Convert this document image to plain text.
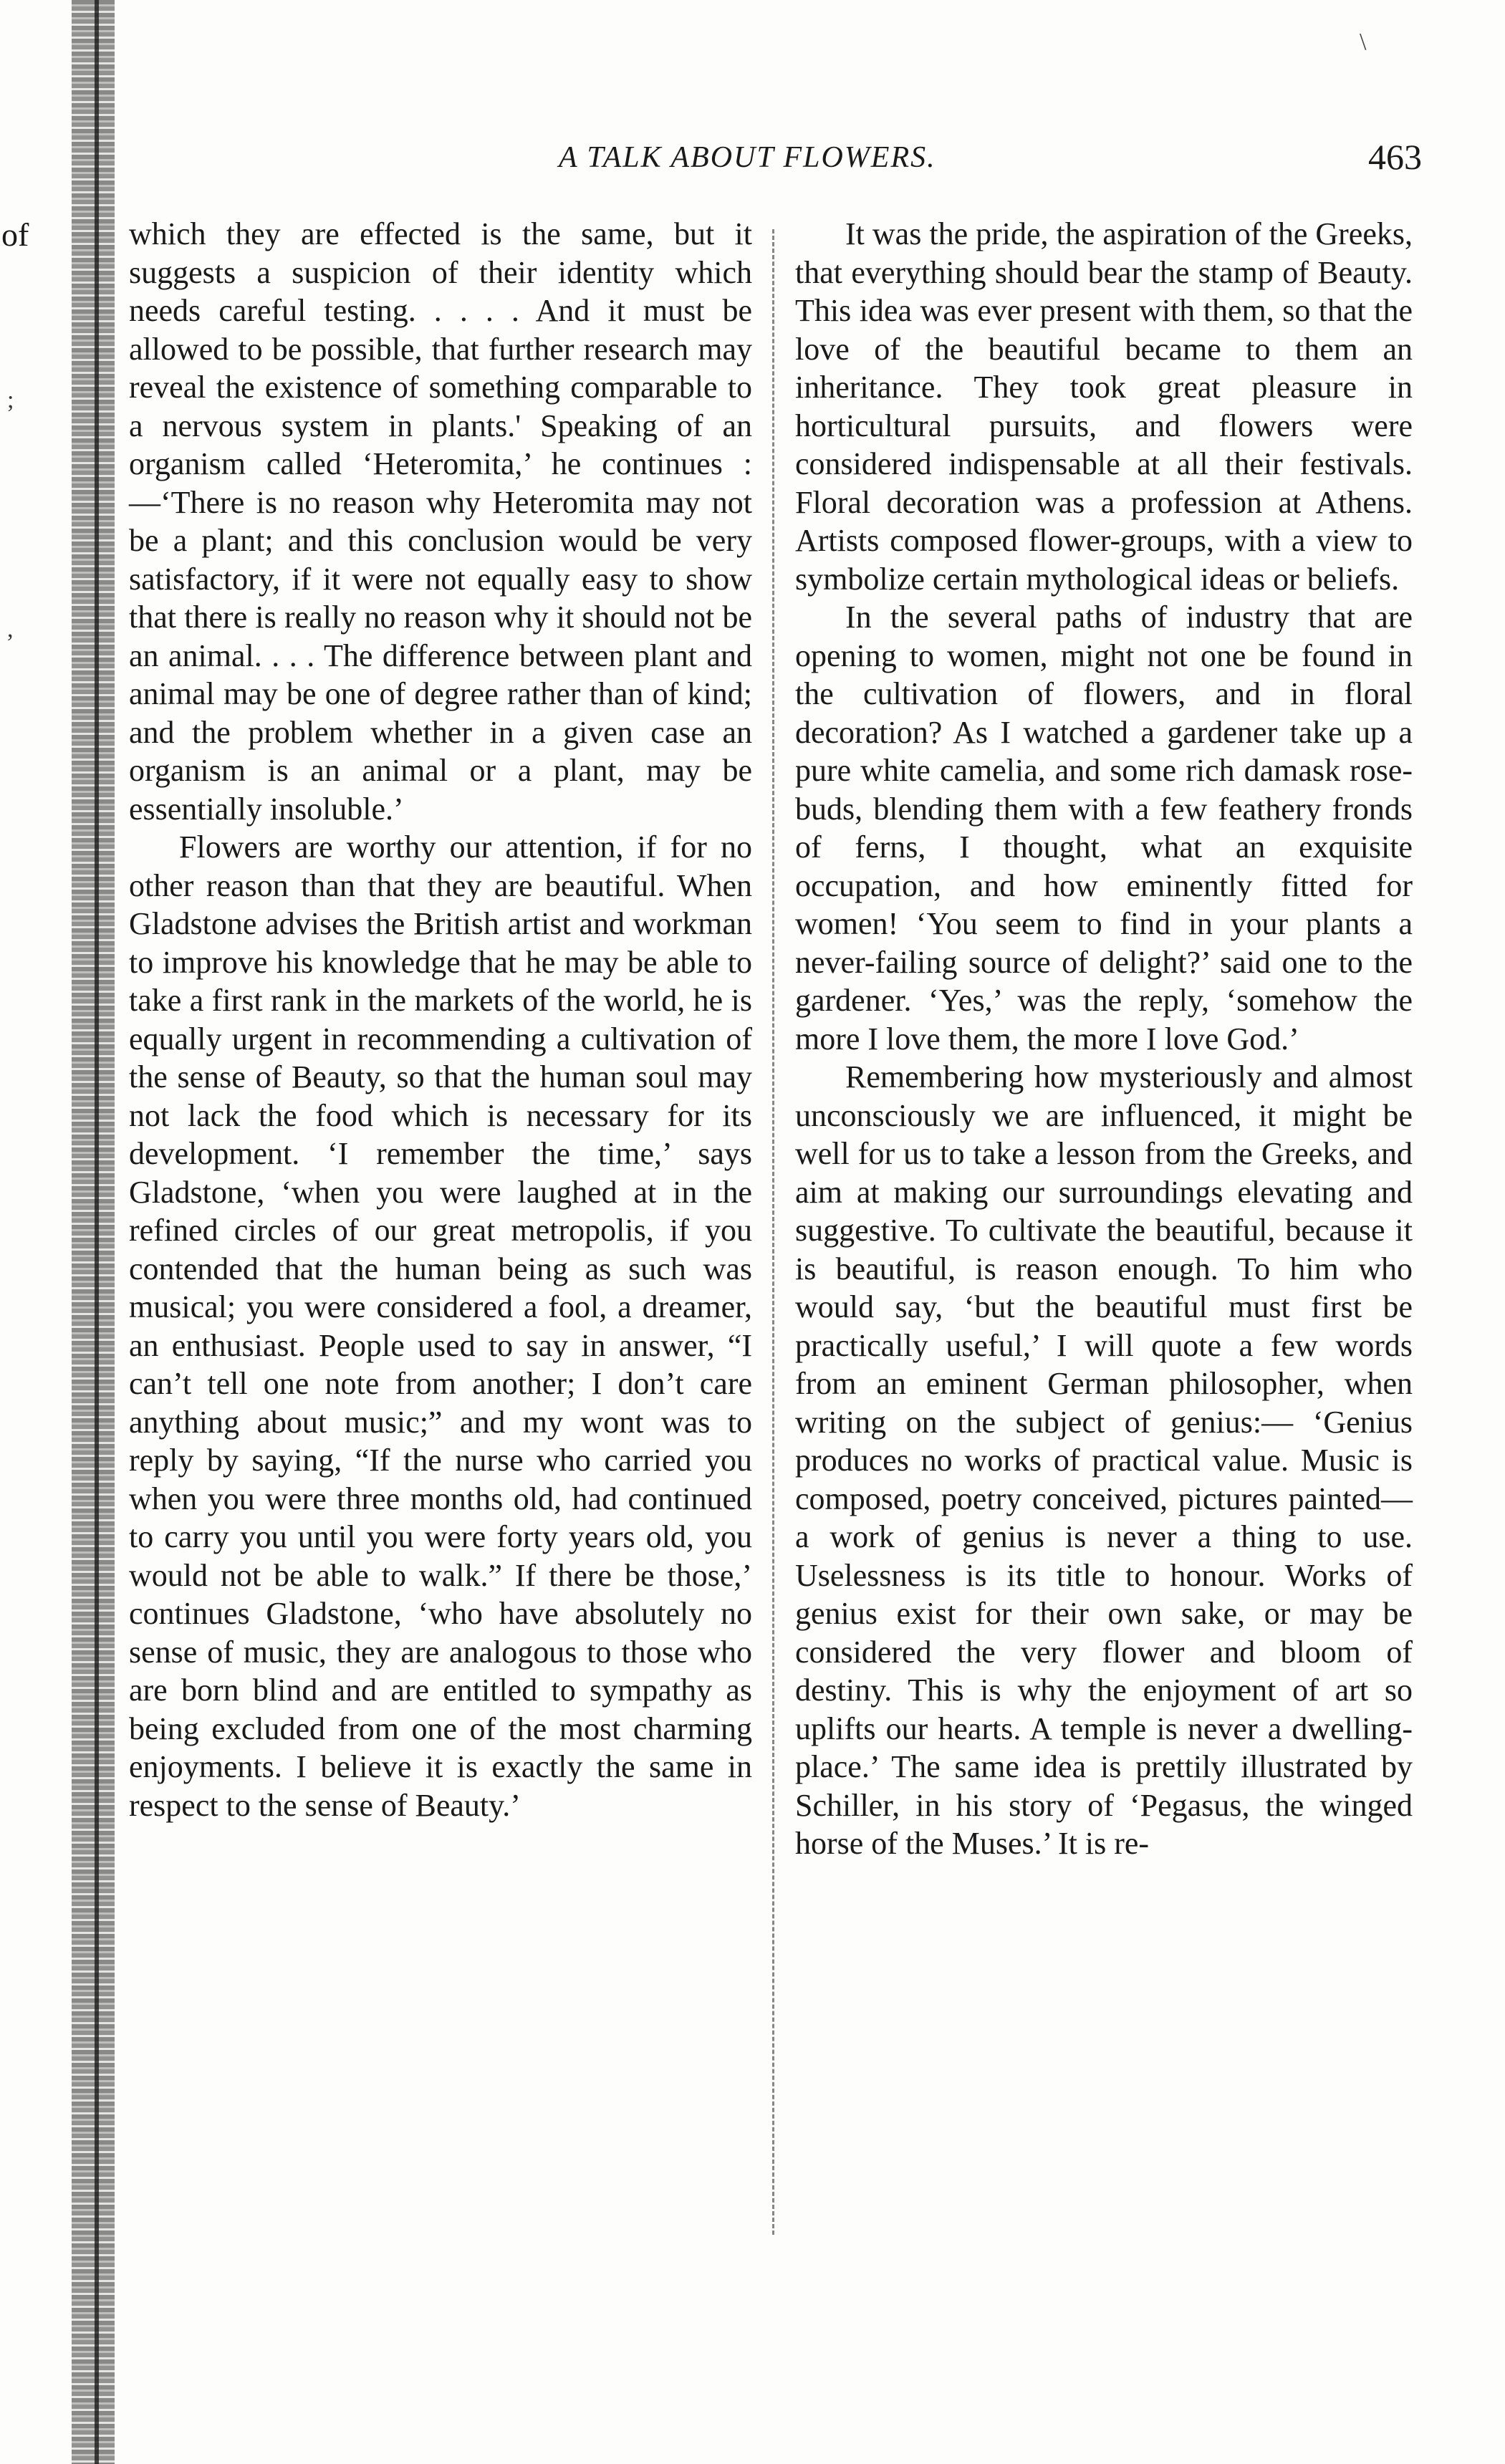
of
;
,
\
A TALK ABOUT FLOWERS.	463

which they are effected is the same, but it suggests a suspicion of their identity which needs careful testing. . . . . And it must be allowed to be possible, that further research may reveal the existence of something comparable to a nervous system in plants.' Speaking of an organism called ‘Heteromita,’ he continues :—‘There is no reason why Heteromita may not be a plant; and this conclusion would be very satisfactory, if it were not equally easy to show that there is really no reason why it should not be an animal. . . . The difference between plant and animal may be one of degree rather than of kind; and the problem whether in a given case an organism is an animal or a plant, may be essentially insoluble.’

Flowers are worthy our attention, if for no other reason than that they are beautiful. When Gladstone advises the British artist and workman to improve his knowledge that he may be able to take a first rank in the markets of the world, he is equally urgent in recommending a cultivation of the sense of Beauty, so that the human soul may not lack the food which is necessary for its development. ‘I remember the time,’ says Gladstone, ‘when you were laughed at in the refined circles of our great metropolis, if you contended that the human being as such was musical; you were considered a fool, a dreamer, an enthusiast. People used to say in answer, “I can’t tell one note from another; I don’t care anything about music;” and my wont was to reply by saying, “If the nurse who carried you when you were three months old, had continued to carry you until you were forty years old, you would not be able to walk.” If there be those,’ continues Gladstone, ‘who have absolutely no sense of music, they are analogous to those who are born blind and are entitled to sympathy as being excluded from one of the most charming enjoyments. I believe it is exactly the same in respect to the sense of Beauty.’

It was the pride, the aspiration of the Greeks, that everything should bear the stamp of Beauty. This idea was ever present with them, so that the love of the beautiful became to them an inheritance. They took great pleasure in horticultural pursuits, and flowers were considered indispensable at all their festivals. Floral decoration was a profession at Athens. Artists composed flower-groups, with a view to symbolize certain mythological ideas or beliefs.

In the several paths of industry that are opening to women, might not one be found in the cultivation of flowers, and in floral decoration? As I watched a gardener take up a pure white camelia, and some rich damask rose-buds, blending them with a few feathery fronds of ferns, I thought, what an exquisite occupation, and how eminently fitted for women! ‘You seem to find in your plants a never-failing source of delight?’ said one to the gardener. ‘Yes,’ was the reply, ‘somehow the more I love them, the more I love God.’

Remembering how mysteriously and almost unconsciously we are influenced, it might be well for us to take a lesson from the Greeks, and aim at making our surroundings elevating and suggestive. To cultivate the beautiful, because it is beautiful, is reason enough. To him who would say, ‘but the beautiful must first be practically useful,’ I will quote a few words from an eminent German philosopher, when writing on the subject of genius:— ‘Genius produces no works of practical value. Music is composed, poetry conceived, pictures painted—a work of genius is never a thing to use. Uselessness is its title to honour. Works of genius exist for their own sake, or may be considered the very flower and bloom of destiny. This is why the enjoyment of art so uplifts our hearts. A temple is never a dwelling-place.’ The same idea is prettily illustrated by Schiller, in his story of ‘Pegasus, the winged horse of the Muses.’ It is re-
